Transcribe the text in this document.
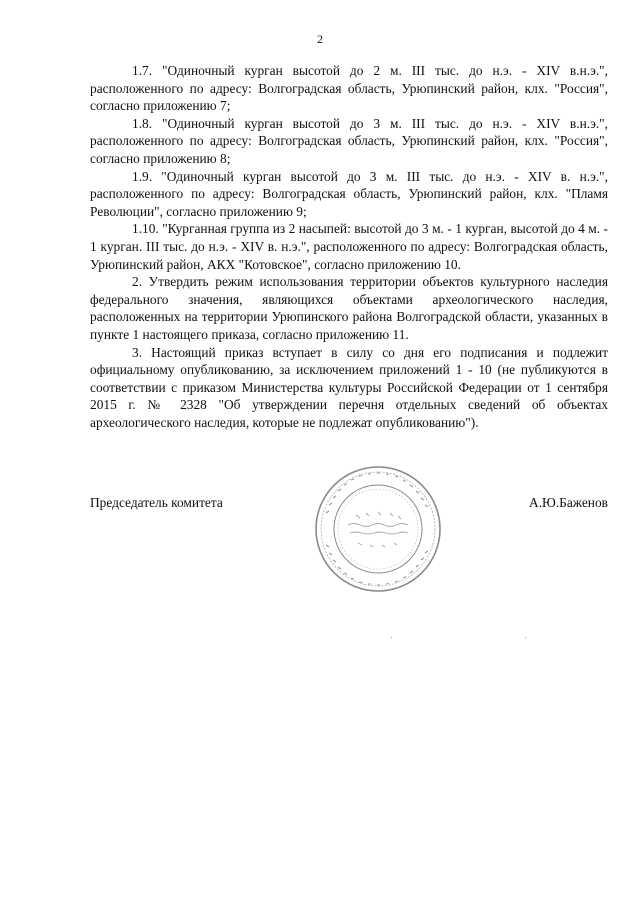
2

1.7. "Одиночный курган высотой до 2 м. III тыс. до н.э. - XIV в.н.э.", расположенного по адресу: Волгоградская область, Урюпинский район, клх. "Россия", согласно приложению 7;

1.8. "Одиночный курган высотой до 3 м. III тыс. до н.э. - XIV в.н.э.", расположенного по адресу: Волгоградская область, Урюпинский район, клх. "Россия", согласно приложению 8;

1.9. "Одиночный курган высотой до 3 м. III тыс. до н.э. - XIV в. н.э.", расположенного по адресу: Волгоградская область, Урюпинский район, клх. "Пламя Революции", согласно приложению 9;

1.10. "Курганная группа из 2 насыпей: высотой до 3 м. - 1 курган, высотой до 4 м. - 1 курган. III тыс. до н.э. - XIV в. н.э.", расположенного по адресу: Волгоградская область, Урюпинский район, АКХ "Котовское", согласно приложению 10.

2. Утвердить режим использования территории объектов культурного наследия федерального значения, являющихся объектами археологического наследия, расположенных на территории Урюпинского района Волгоградской области, указанных в пункте 1 настоящего приказа, согласно приложению 11.

3. Настоящий приказ вступает в силу со дня его подписания и подлежит официальному опубликованию, за исключением приложений 1 - 10 (не публикуются в соответствии с приказом Министерства культуры Российской Федерации от 1 сентября 2015 г. № 2328 "Об утверждении перечня отдельных сведений об объектах археологического наследия, которые не подлежат опубликованию").

Председатель комитета	А.Ю.Баженов
